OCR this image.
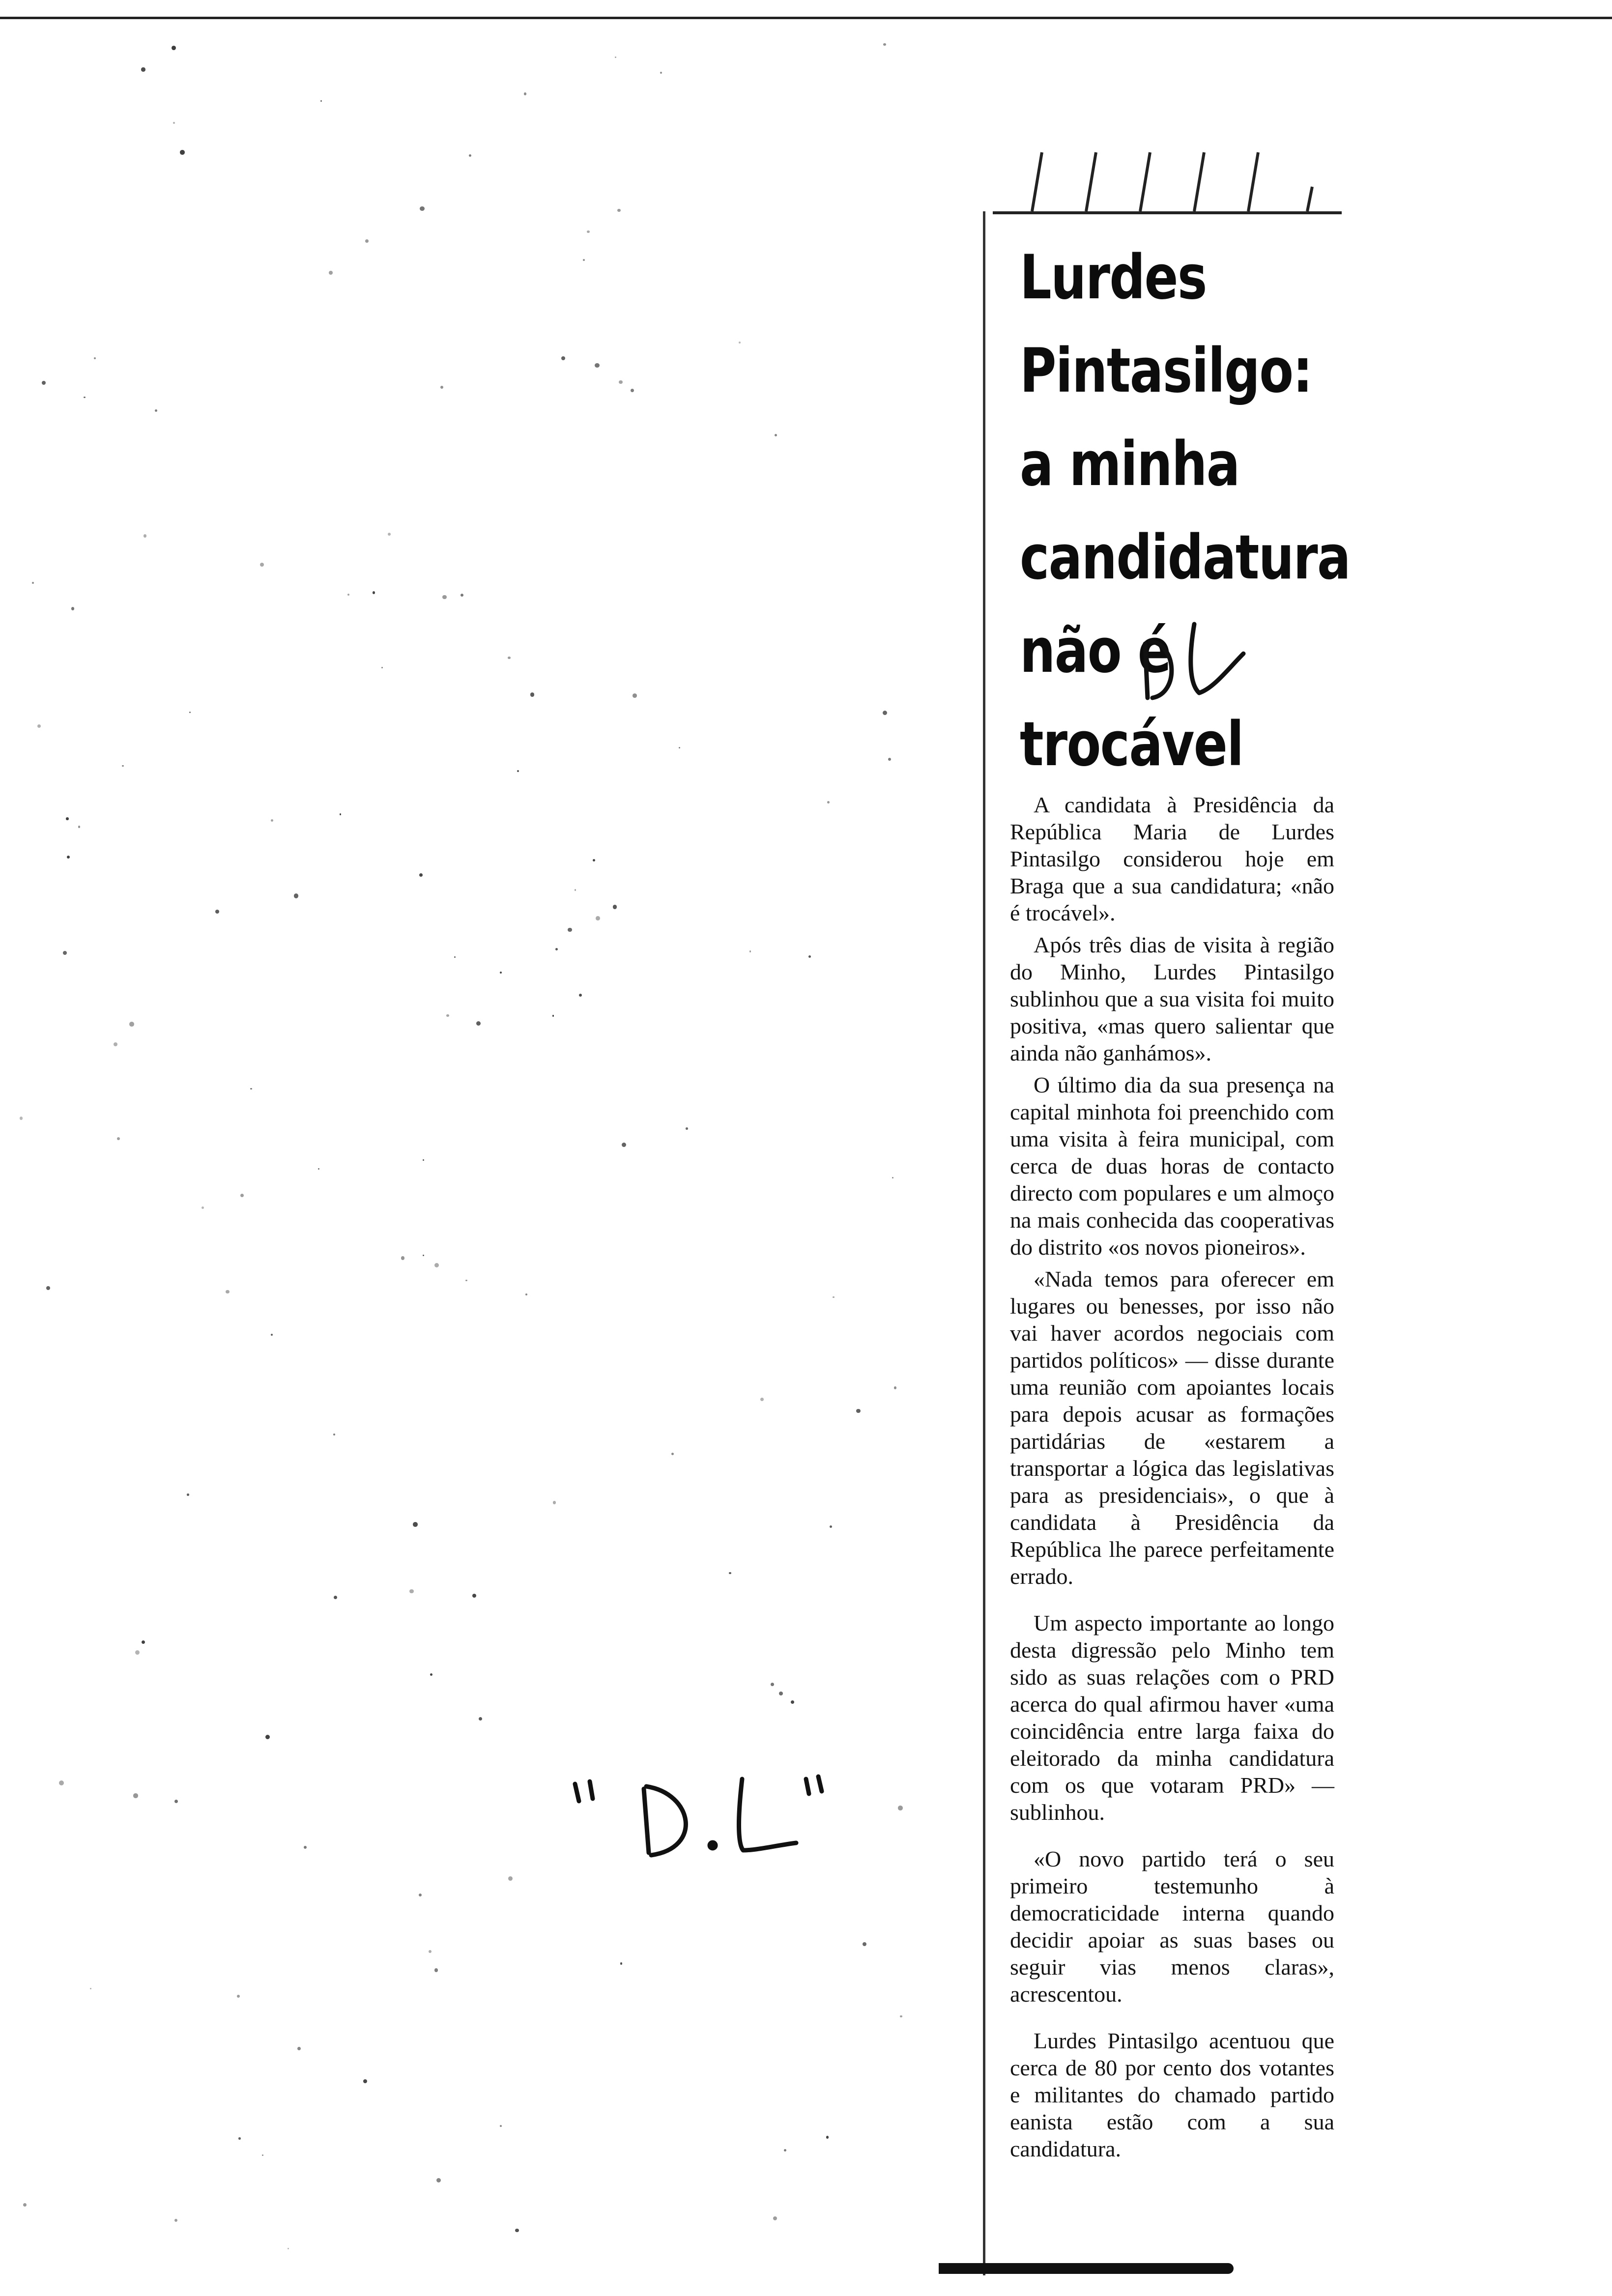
Lurdes
Pintasilgo:
a minha
candidatura
não é
trocável

A candidata à Presidência da República Maria de Lurdes Pintasilgo considerou hoje em Braga que a sua candidatura; «não é trocável».

Após três dias de visita à região do Minho, Lurdes Pintasilgo sublinhou que a sua visita foi muito positiva, «mas quero salientar que ainda não ganhámos».

O último dia da sua presença na capital minhota foi preenchido com uma visita à feira municipal, com cerca de duas horas de contacto directo com populares e um almoço na mais conhecida das cooperativas do distrito «os novos pioneiros».

«Nada temos para oferecer em lugares ou benesses, por isso não vai haver acordos negociais com partidos políticos» — disse durante uma reunião com apoiantes locais para depois acusar as formações partidárias de «estarem a transportar a lógica das legislativas para as presidenciais», o que à candidata à Presidência da República lhe parece perfeitamente errado.

Um aspecto importante ao longo desta digressão pelo Minho tem sido as suas relações com o PRD acerca do qual afirmou haver «uma coincidência entre larga faixa do eleitorado da minha candidatura com os que votaram PRD» — sublinhou.

«O novo partido terá o seu primeiro testemunho à democraticidade interna quando decidir apoiar as suas bases ou seguir vias menos claras», acrescentou.

Lurdes Pintasilgo acentuou que cerca de 80 por cento dos votantes e militantes do chamado partido eanista estão com a sua candidatura.
